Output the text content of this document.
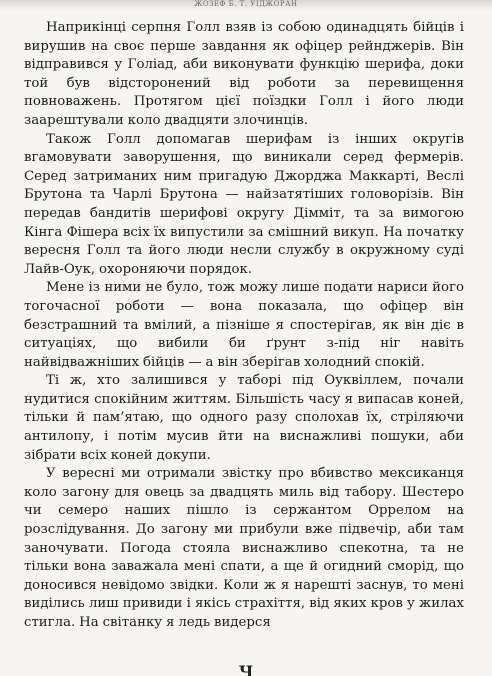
ЖОЗЕФ Б. Т. УІДЖОРАН

Наприкінці серпня Голл взяв із собою одинадцять бійців і вирушив на своє перше завдання як офіцер рейнджерів. Він відправився у Голіад, аби виконувати функцію шерифа, доки той був відсторонений від роботи за перевищення повноважень. Протягом цієї поїздки Голл і його люди заарештували коло двадцяти злочинців.

Також Голл допомагав шерифам із інших округів вгамовувати заворушення, що виникали серед фермерів. Серед затриманих ним пригадую Джорджа Маккарті, Веслі Брутона та Чарлі Брутона — найзатятіших головорізів. Він передав бандитів шерифові округу Дімміт, та за вимогою Кінга Фішера всіх їх випустили за смішний викуп. На початку вересня Голл та його люди несли службу в окружному суді Лайв-Оук, охороняючи порядок.

Мене із ними не було, тож можу лише подати нариси його тогочасної роботи — вона показала, що офіцер він безстрашний та вмілий, а пізніше я спостерігав, як він діє в ситуаціях, що вибили би ґрунт з-під ніг навіть найвідважніших бійців — а він зберігав холодний спокій.

Ті ж, хто залишився у таборі під Оуквіллем, почали нудитися спокійним життям. Більшість часу я випасав коней, тільки й пам’ятаю, що одного разу сполохав їх, стріляючи антилопу, і потім мусив йти на виснажливі пошуки, аби зібрати всіх коней докупи.

У вересні ми отримали звістку про вбивство мексиканця коло загону для овець за двадцять миль від табору. Шестеро чи семеро наших пішло із сержантом Оррелом на розслідування. До загону ми прибули вже підвечір, аби там заночувати. Погода стояла виснажливо спекотна, та не тільки вона заважала мені спати, а ще й огидний сморід, що доносився невідомо звідки. Коли ж я нарешті заснув, то мені виділись лиш привиди і якісь страхіття, від яких кров у жилах стигла. На світанку я ледь видерся

Ч
